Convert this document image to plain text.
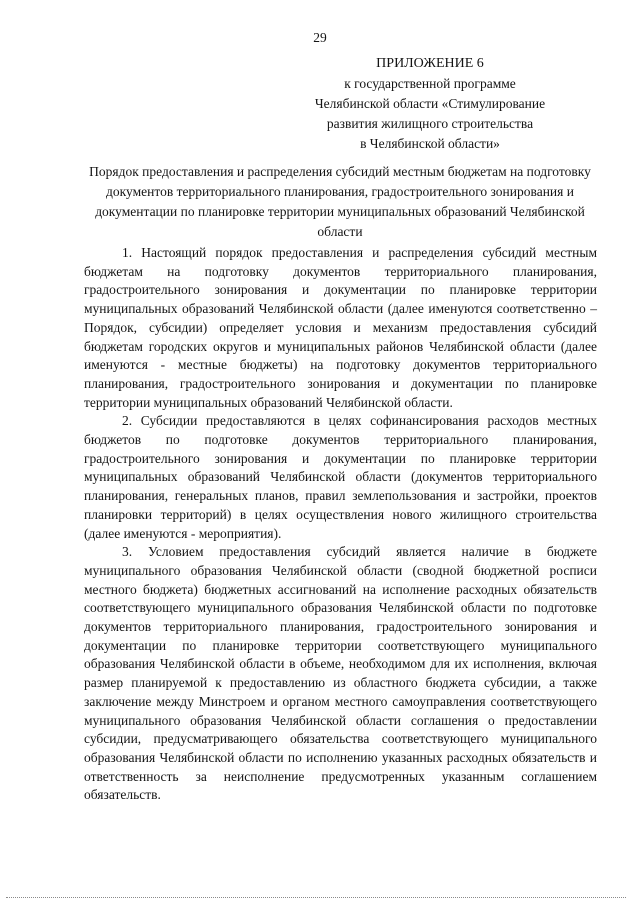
29
ПРИЛОЖЕНИЕ 6
к государственной программе
Челябинской области «Стимулирование
развития жилищного строительства
в Челябинской области»
Порядок предоставления и распределения субсидий местным бюджетам на подготовку документов территориального планирования, градостроительного зонирования и документации по планировке территории муниципальных образований Челябинской области

1. Настоящий порядок предоставления и распределения субсидий местным бюджетам на подготовку документов территориального планирования, градостроительного зонирования и документации по планировке территории муниципальных образований Челябинской области (далее именуются соответственно – Порядок, субсидии) определяет условия и механизм предоставления субсидий бюджетам городских округов и муниципальных районов Челябинской области (далее именуются - местные бюджеты) на подготовку документов территориального планирования, градостроительного зонирования и документации по планировке территории муниципальных образований Челябинской области.

2. Субсидии предоставляются в целях софинансирования расходов местных бюджетов по подготовке документов территориального планирования, градостроительного зонирования и документации по планировке территории муниципальных образований Челябинской области (документов территориального планирования, генеральных планов, правил землепользования и застройки, проектов планировки территорий) в целях осуществления нового жилищного строительства (далее именуются - мероприятия).

3. Условием предоставления субсидий является наличие в бюджете муниципального образования Челябинской области (сводной бюджетной росписи местного бюджета) бюджетных ассигнований на исполнение расходных обязательств соответствующего муниципального образования Челябинской области по подготовке документов территориального планирования, градостроительного зонирования и документации по планировке территории соответствующего муниципального образования Челябинской области в объеме, необходимом для их исполнения, включая размер планируемой к предоставлению из областного бюджета субсидии, а также заключение между Минстроем и органом местного самоуправления соответствующего муниципального образования Челябинской области соглашения о предоставлении субсидии, предусматривающего обязательства соответствующего муниципального образования Челябинской области по исполнению указанных расходных обязательств и ответственность за неисполнение предусмотренных указанным соглашением обязательств.
